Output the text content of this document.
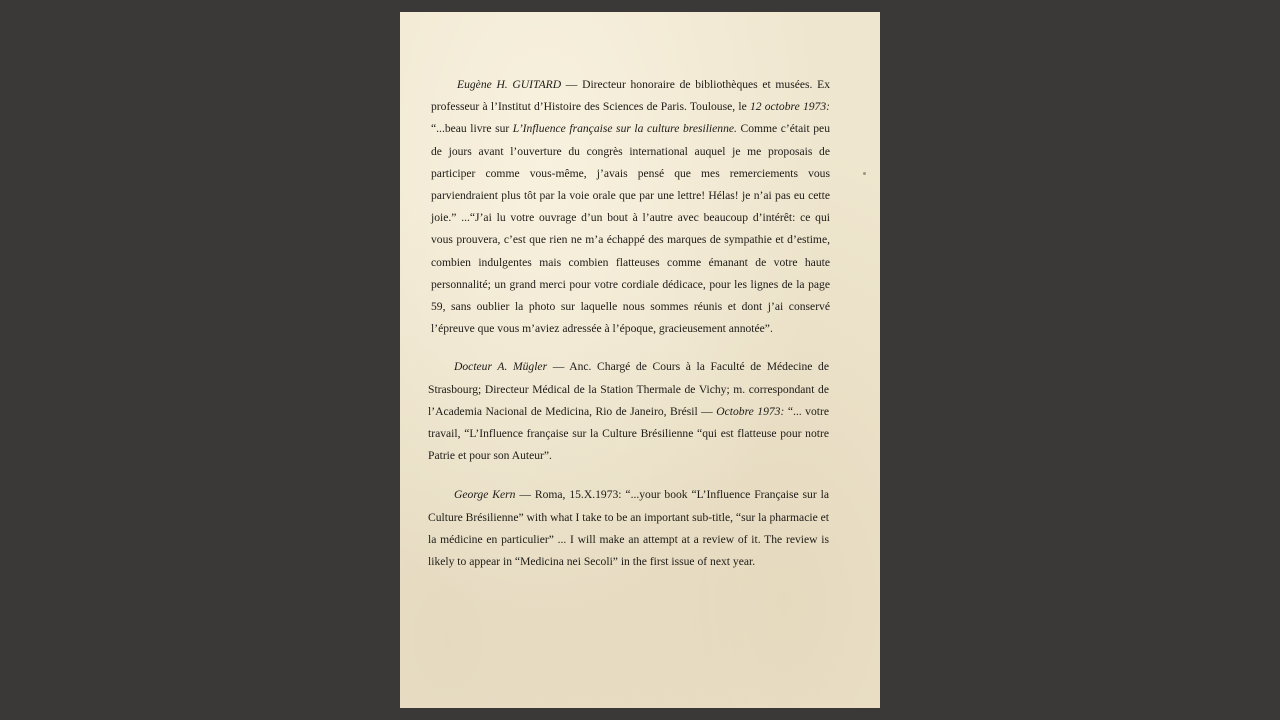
Eugène H. GUITARD — Directeur honoraire de bibliothèques et musées. Ex professeur à l’Institut d’Histoire des Sciences de Paris. Toulouse, le 12 octobre 1973: “...beau livre sur L’Influence française sur la culture bresilienne. Comme c’était peu de jours avant l’ouverture du congrès international auquel je me proposais de participer comme vous-même, j’avais pensé que mes remerciements vous parviendraient plus tôt par la voie orale que par une lettre! Hélas! je n’ai pas eu cette joie.” ...“J’ai lu votre ouvrage d’un bout à l’autre avec beaucoup d’intérêt: ce qui vous prouvera, c’est que rien ne m’a échappé des marques de sympathie et d’estime, combien indulgentes mais combien flatteuses comme émanant de votre haute personnalité; un grand merci pour votre cordiale dédicace, pour les lignes de la page 59, sans oublier la photo sur laquelle nous sommes réunis et dont j’ai conservé l’épreuve que vous m’aviez adressée à l’époque, gracieusement annotée”.

Docteur A. Mügler — Anc. Chargé de Cours à la Faculté de Médecine de Strasbourg; Directeur Médical de la Station Thermale de Vichy; m. correspondant de l’Academia Nacional de Medicina, Rio de Janeiro, Brésil — Octobre 1973: “... votre travail, “L’Influence française sur la Culture Brésilienne “qui est flatteuse pour notre Patrie et pour son Auteur”.

George Kern — Roma, 15.X.1973: “...your book “L’Influence Française sur la Culture Brésilienne” with what I take to be an important sub-title, “sur la pharmacie et la médicine en particulier” ... I will make an attempt at a review of it. The review is likely to appear in “Medicina nei Secoli” in the first issue of next year.
